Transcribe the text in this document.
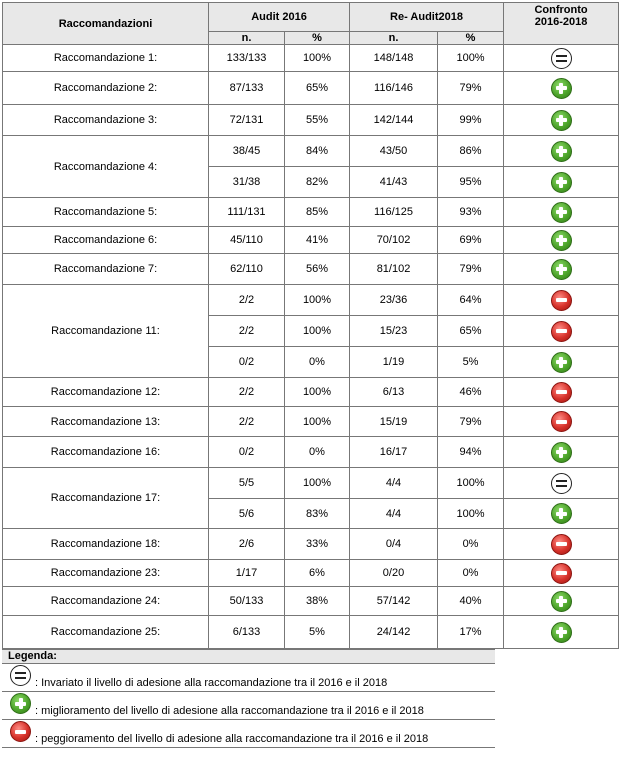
Raccomandazioni	Audit 2016		Re- Audit2018		Confronto
2016-2018
	n.	%	n.	%	
Raccomandazione 1:	133/133	100%	148/148	100%	
Raccomandazione 2:	87/133	65%	116/146	79%	
Raccomandazione 3:	72/131	55%	142/144	99%	
Raccomandazione 4:	38/45	84%	43/50	86%	
	31/38	82%	41/43	95%	
Raccomandazione 5:	111/131	85%	116/125	93%	
Raccomandazione 6:	45/110	41%	70/102	69%	
Raccomandazione 7:	62/110	56%	81/102	79%	
Raccomandazione 11:	2/2	100%	23/36	64%	
	2/2	100%	15/23	65%	
	0/2	0%	1/19	5%	
Raccomandazione 12:	2/2	100%	6/13	46%	
Raccomandazione 13:	2/2	100%	15/19	79%	
Raccomandazione 16:	0/2	0%	16/17	94%	
Raccomandazione 17:	5/5	100%	4/4	100%	
	5/6	83%	4/4	100%	
Raccomandazione 18:	2/6	33%	0/4	0%	
Raccomandazione 23:	1/17	6%	0/20	0%	
Raccomandazione 24:	50/133	38%	57/142	40%	
Raccomandazione 25:	6/133	5%	24/142	17%	
Legenda:
: Invariato il livello di adesione alla raccomandazione tra il 2016 e il 2018
: miglioramento del livello di adesione alla raccomandazione tra il 2016 e il 2018
: peggioramento del livello di adesione alla raccomandazione tra il 2016 e il 2018
